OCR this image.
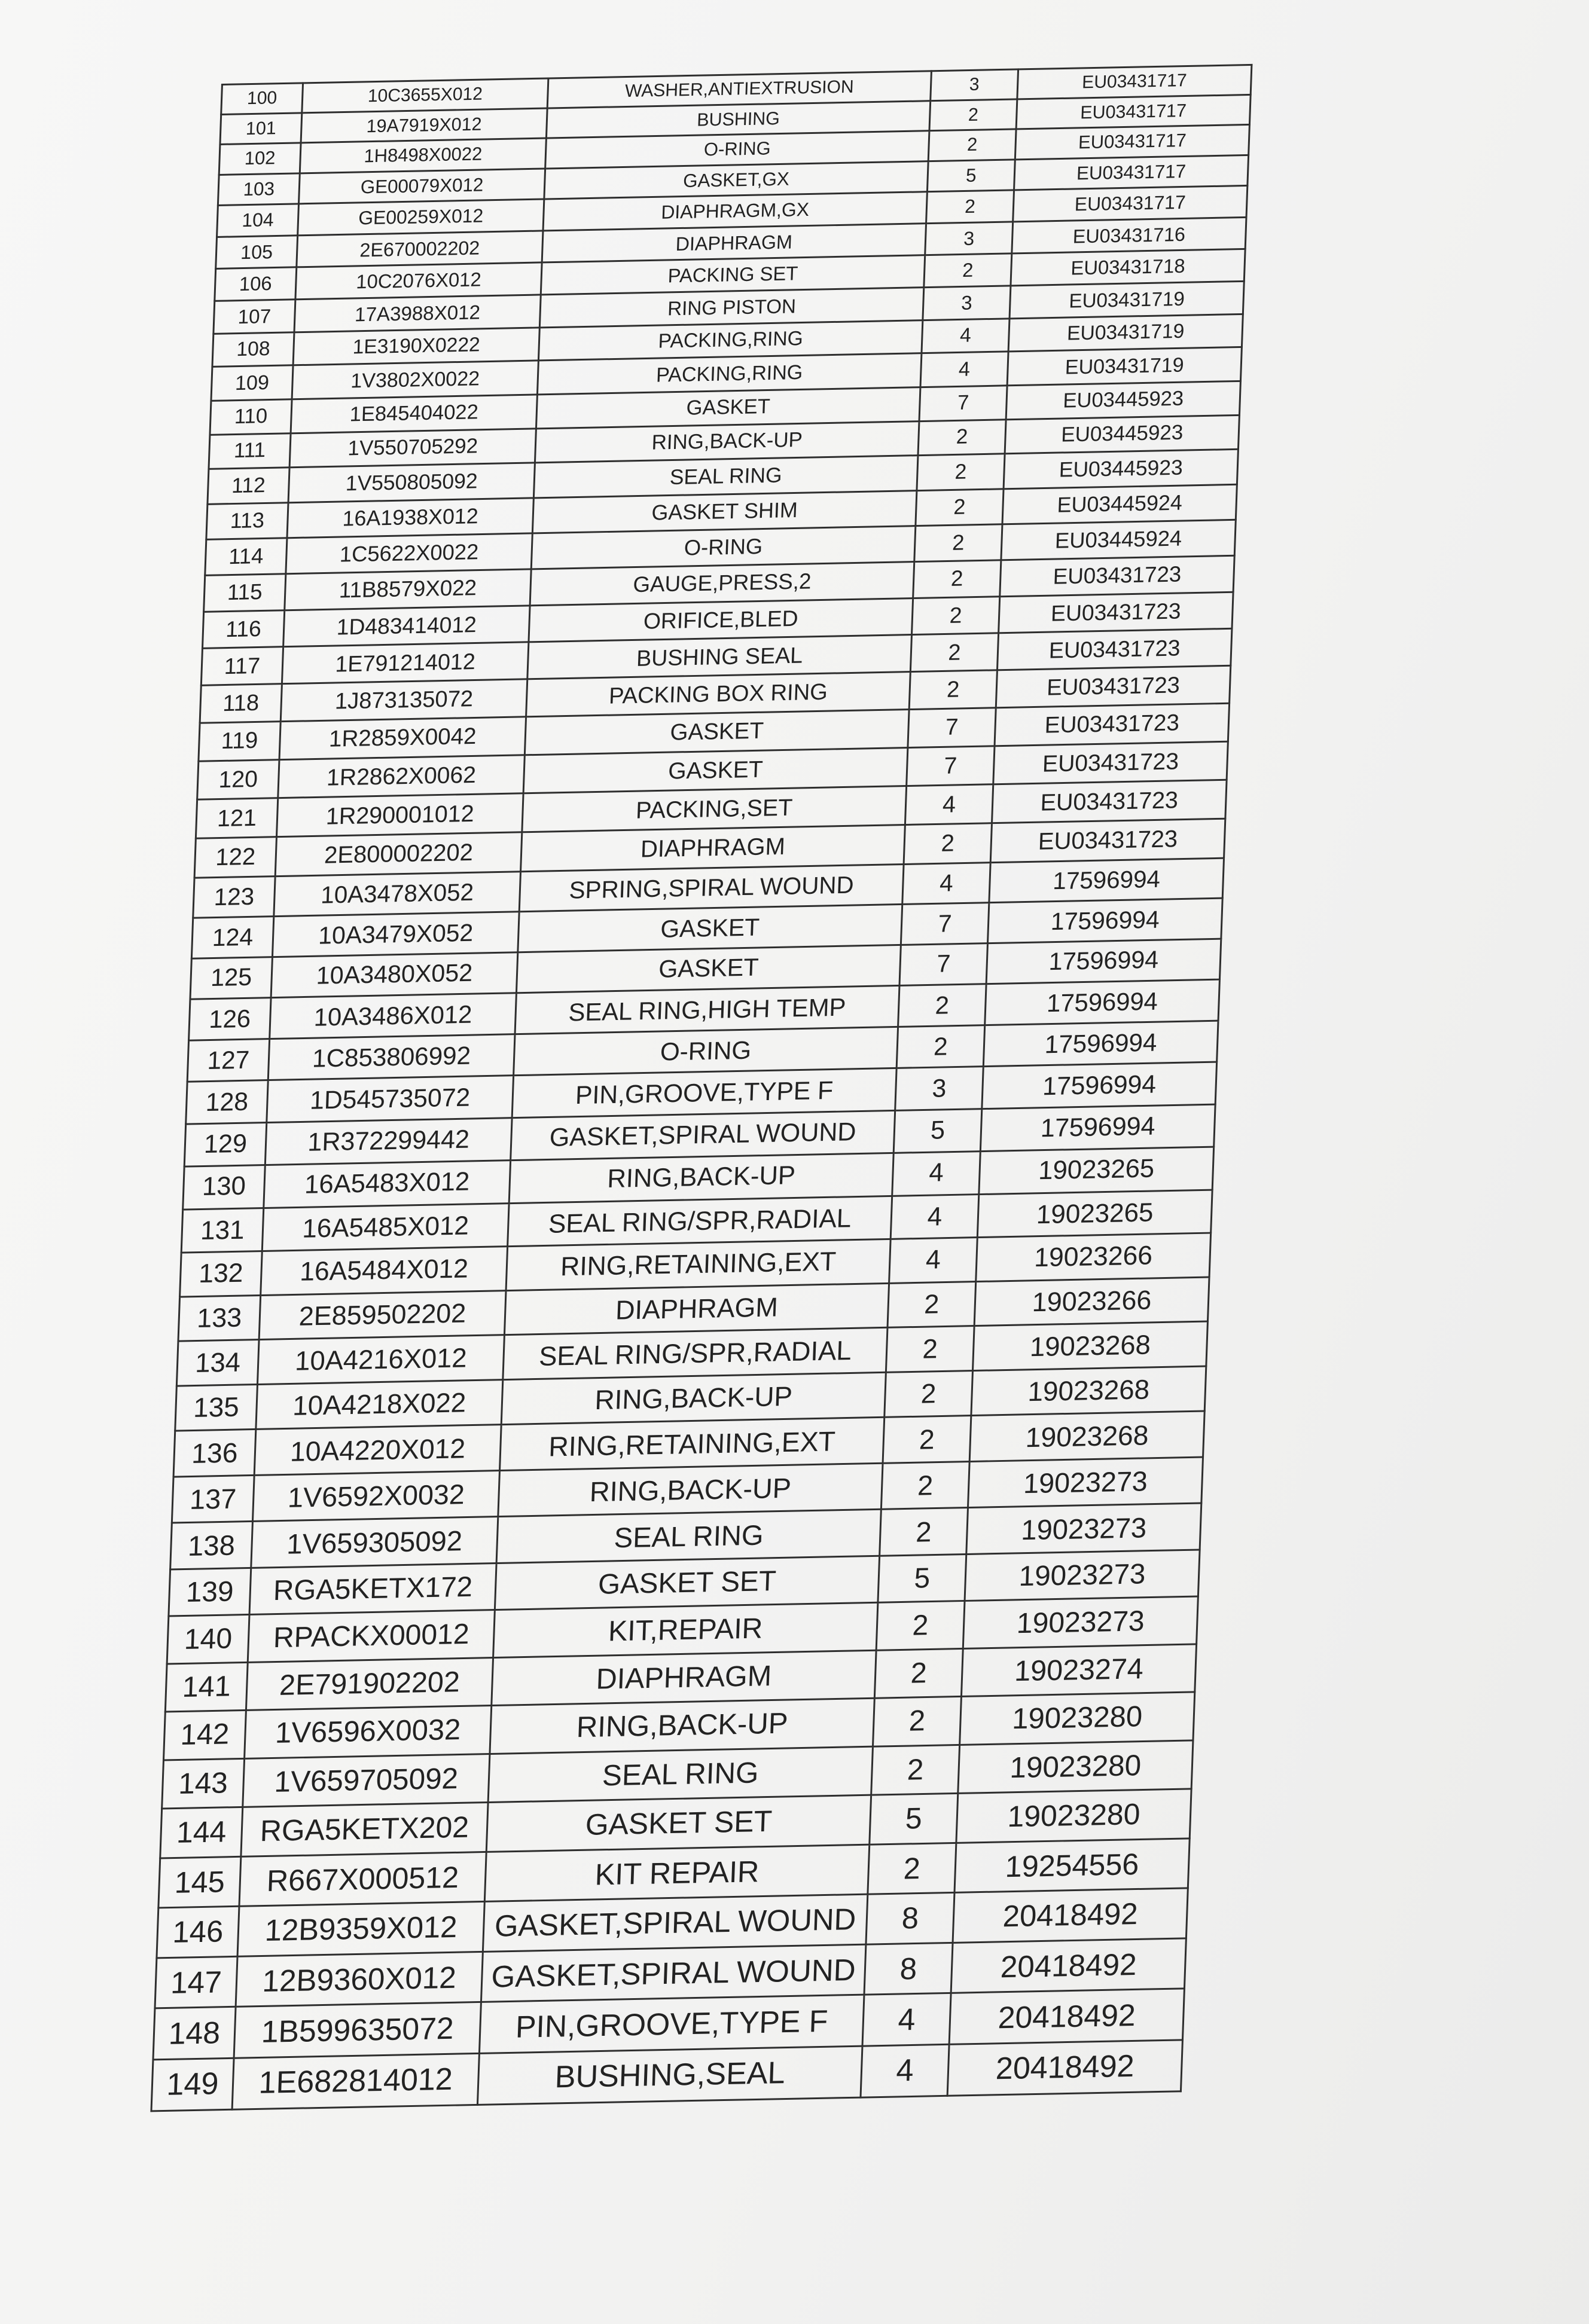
100	10C3655X012	WASHER,ANTIEXTRUSION	3	EU03431717
101	19A7919X012	BUSHING	2	EU03431717
102	1H8498X0022	O-RING	2	EU03431717
103	GE00079X012	GASKET,GX	5	EU03431717
104	GE00259X012	DIAPHRAGM,GX	2	EU03431717
105	2E670002202	DIAPHRAGM	3	EU03431716
106	10C2076X012	PACKING SET	2	EU03431718
107	17A3988X012	RING PISTON	3	EU03431719
108	1E3190X0222	PACKING,RING	4	EU03431719
109	1V3802X0022	PACKING,RING	4	EU03431719
110	1E845404022	GASKET	7	EU03445923
111	1V550705292	RING,BACK-UP	2	EU03445923
112	1V550805092	SEAL RING	2	EU03445923
113	16A1938X012	GASKET SHIM	2	EU03445924
114	1C5622X0022	O-RING	2	EU03445924
115	11B8579X022	GAUGE,PRESS,2	2	EU03431723
116	1D483414012	ORIFICE,BLED	2	EU03431723
117	1E791214012	BUSHING SEAL	2	EU03431723
118	1J873135072	PACKING BOX RING	2	EU03431723
119	1R2859X0042	GASKET	7	EU03431723
120	1R2862X0062	GASKET	7	EU03431723
121	1R290001012	PACKING,SET	4	EU03431723
122	2E800002202	DIAPHRAGM	2	EU03431723
123	10A3478X052	SPRING,SPIRAL WOUND	4	17596994
124	10A3479X052	GASKET	7	17596994
125	10A3480X052	GASKET	7	17596994
126	10A3486X012	SEAL RING,HIGH TEMP	2	17596994
127	1C853806992	O-RING	2	17596994
128	1D545735072	PIN,GROOVE,TYPE F	3	17596994
129	1R372299442	GASKET,SPIRAL WOUND	5	17596994
130	16A5483X012	RING,BACK-UP	4	19023265
131	16A5485X012	SEAL RING/SPR,RADIAL	4	19023265
132	16A5484X012	RING,RETAINING,EXT	4	19023266
133	2E859502202	DIAPHRAGM	2	19023266
134	10A4216X012	SEAL RING/SPR,RADIAL	2	19023268
135	10A4218X022	RING,BACK-UP	2	19023268
136	10A4220X012	RING,RETAINING,EXT	2	19023268
137	1V6592X0032	RING,BACK-UP	2	19023273
138	1V659305092	SEAL RING	2	19023273
139	RGA5KETX172	GASKET SET	5	19023273
140	RPACKX00012	KIT,REPAIR	2	19023273
141	2E791902202	DIAPHRAGM	2	19023274
142	1V6596X0032	RING,BACK-UP	2	19023280
143	1V659705092	SEAL RING	2	19023280
144	RGA5KETX202	GASKET SET	5	19023280
145	R667X000512	KIT REPAIR	2	19254556
146	12B9359X012	GASKET,SPIRAL WOUND	8	20418492
147	12B9360X012	GASKET,SPIRAL WOUND	8	20418492
148	1B599635072	PIN,GROOVE,TYPE F	4	20418492
149	1E682814012	BUSHING,SEAL	4	20418492
